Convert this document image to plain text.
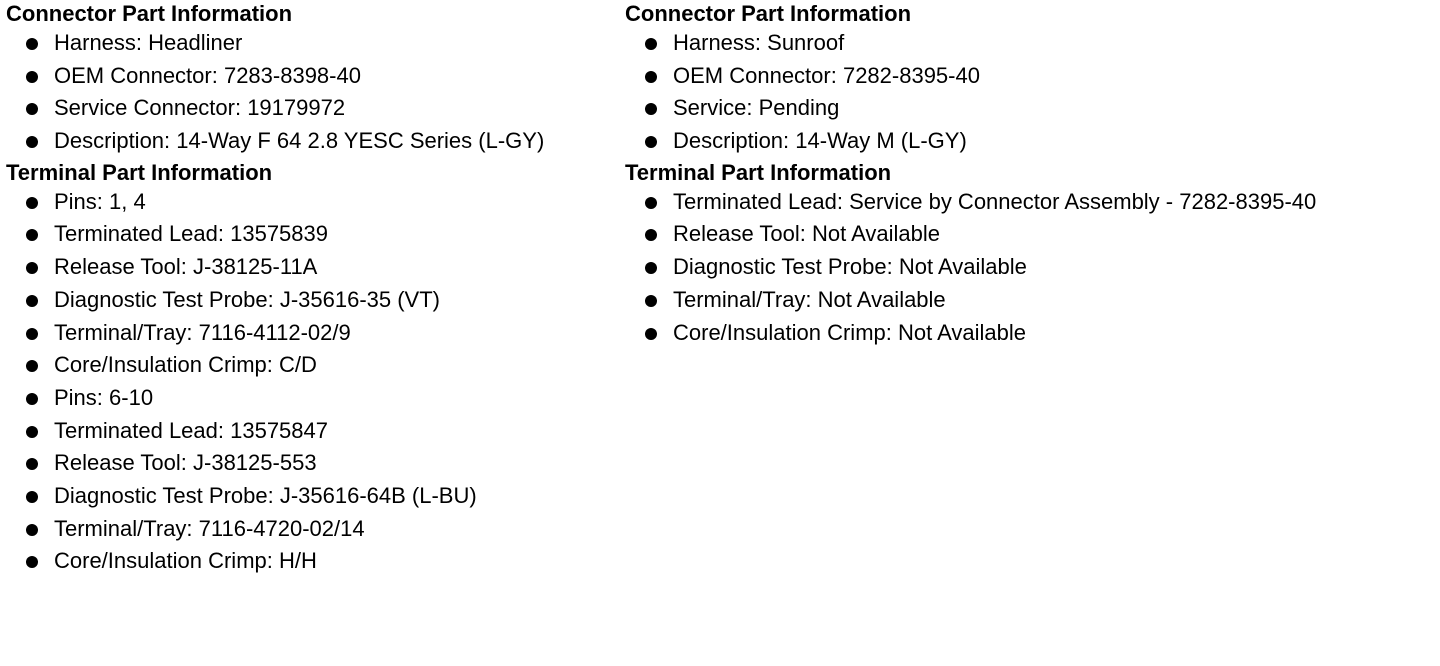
Connector Part Information
Harness: Headliner
OEM Connector: 7283-8398-40
Service Connector: 19179972
Description: 14-Way F 64 2.8 YESC Series (L-GY)
Terminal Part Information
Pins: 1, 4
Terminated Lead: 13575839
Release Tool: J-38125-11A
Diagnostic Test Probe: J-35616-35 (VT)
Terminal/Tray: 7116-4112-02/9
Core/Insulation Crimp: C/D
Pins: 6-10
Terminated Lead: 13575847
Release Tool: J-38125-553
Diagnostic Test Probe: J-35616-64B (L-BU)
Terminal/Tray: 7116-4720-02/14
Core/Insulation Crimp: H/H
Connector Part Information
Harness: Sunroof
OEM Connector: 7282-8395-40
Service: Pending
Description: 14-Way M (L-GY)
Terminal Part Information
Terminated Lead: Service by Connector Assembly - 7282-8395-40
Release Tool: Not Available
Diagnostic Test Probe: Not Available
Terminal/Tray: Not Available
Core/Insulation Crimp: Not Available
